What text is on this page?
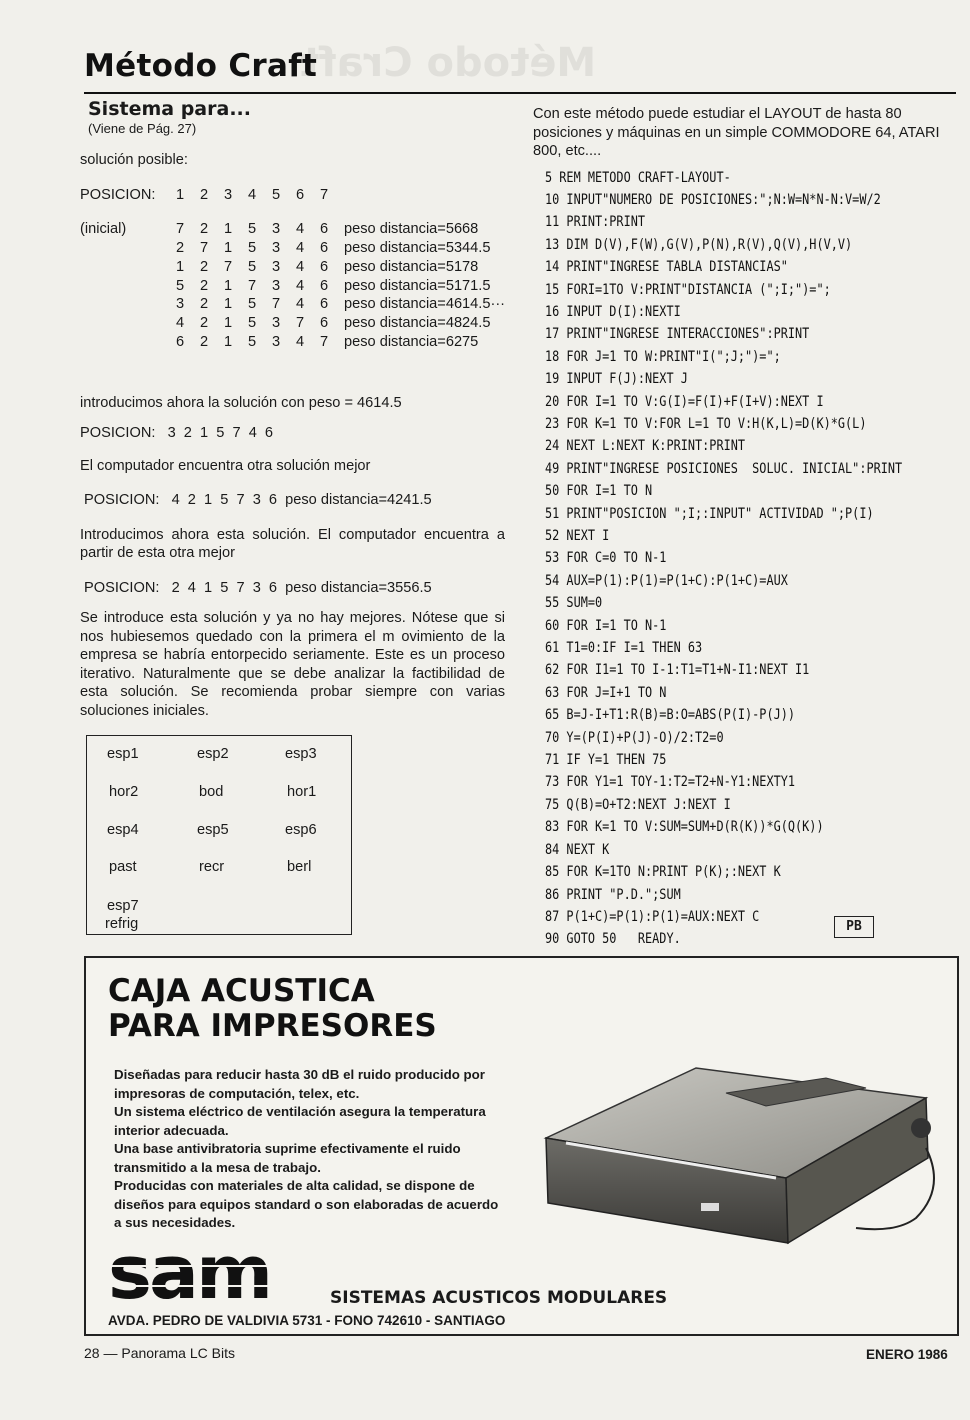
Método Craft
Método Craft
Sistema para...
(Viene de Pág. 27)
solución posible:
POSICION:	1	2	3	4	5	6	7
(inicial)	7	2	1	5	3	4	6	peso distancia=5668
2	7	1	5	3	4	6	peso distancia=5344.5
1	2	7	5	3	4	6	peso distancia=5178
5	2	1	7	3	4	6	peso distancia=5171.5
3	2	1	5	7	4	6	peso distancia=4614.5···
4	2	1	5	3	7	6	peso distancia=4824.5
6	2	1	5	3	4	7	peso distancia=6275
introducimos ahora la solución con peso = 4614.5
POSICION:   3  2  1  5  7  4  6
El computador encuentra otra solución mejor
POSICION:   4  2  1  5  7  3  6  peso distancia=4241.5
Introducimos ahora esta solución. El computador encuentra a partir de esta otra mejor
POSICION:   2  4  1  5  7  3  6  peso distancia=3556.5
Se introduce esta solución y ya no hay mejores. Nótese que si nos hubiesemos quedado con la primera el m ovimiento de la empresa se habría entorpecido seriamente. Este es un proceso iterativo. Naturalmente que se debe analizar la factibilidad de esta solución. Se recomienda probar siempre con varias soluciones iniciales.
esp1	esp2	esp3
hor2	bod	hor1
esp4	esp5	esp6
past	recr	berl
esp7
refrig
Con este método puede estudiar el LAYOUT de hasta 80 posiciones y máquinas en un simple COMMODORE 64, ATARI 800, etc....
5 REM METODO CRAFT-LAYOUT-
10 INPUT"NUMERO DE POSICIONES:";N:W=N*N-N:V=W/2
11 PRINT:PRINT
13 DIM D(V),F(W),G(V),P(N),R(V),Q(V),H(V,V)
14 PRINT"INGRESE TABLA DISTANCIAS"
15 FORI=1TO V:PRINT"DISTANCIA (";I;")=";
16 INPUT D(I):NEXTI
17 PRINT"INGRESE INTERACCIONES":PRINT
18 FOR J=1 TO W:PRINT"I(";J;")=";
19 INPUT F(J):NEXT J
20 FOR I=1 TO V:G(I)=F(I)+F(I+V):NEXT I
23 FOR K=1 TO V:FOR L=1 TO V:H(K,L)=D(K)*G(L)
24 NEXT L:NEXT K:PRINT:PRINT
49 PRINT"INGRESE POSICIONES  SOLUC. INICIAL":PRINT
50 FOR I=1 TO N
51 PRINT"POSICION ";I;:INPUT" ACTIVIDAD ";P(I)
52 NEXT I
53 FOR C=0 TO N-1
54 AUX=P(1):P(1)=P(1+C):P(1+C)=AUX
55 SUM=0
60 FOR I=1 TO N-1
61 T1=0:IF I=1 THEN 63
62 FOR I1=1 TO I-1:T1=T1+N-I1:NEXT I1
63 FOR J=I+1 TO N
65 B=J-I+T1:R(B)=B:O=ABS(P(I)-P(J))
70 Y=(P(I)+P(J)-O)/2:T2=0
71 IF Y=1 THEN 75
73 FOR Y1=1 TOY-1:T2=T2+N-Y1:NEXTY1
75 Q(B)=O+T2:NEXT J:NEXT I
83 FOR K=1 TO V:SUM=SUM+D(R(K))*G(Q(K))
84 NEXT K
85 FOR K=1TO N:PRINT P(K);:NEXT K
86 PRINT "P.D.";SUM
87 P(1+C)=P(1):P(1)=AUX:NEXT C
90 GOTO 50   READY.
PB
CAJA ACUSTICA
PARA IMPRESORES
Diseñadas para reducir hasta 30 dB el ruido producido por impresoras de computación, telex, etc.
Un sistema eléctrico de ventilación asegura la temperatura interior adecuada.
Una base antivibratoria suprime efectivamente el ruido transmitido a la mesa de trabajo.
Producidas con materiales de alta calidad, se dispone de diseños para equipos standard o son elaboradas de acuerdo a sus necesidades.
sam	SISTEMAS ACUSTICOS MODULARES
AVDA. PEDRO DE VALDIVIA 5731 - FONO 742610 - SANTIAGO
28 — Panorama LC Bits	ENERO 1986
